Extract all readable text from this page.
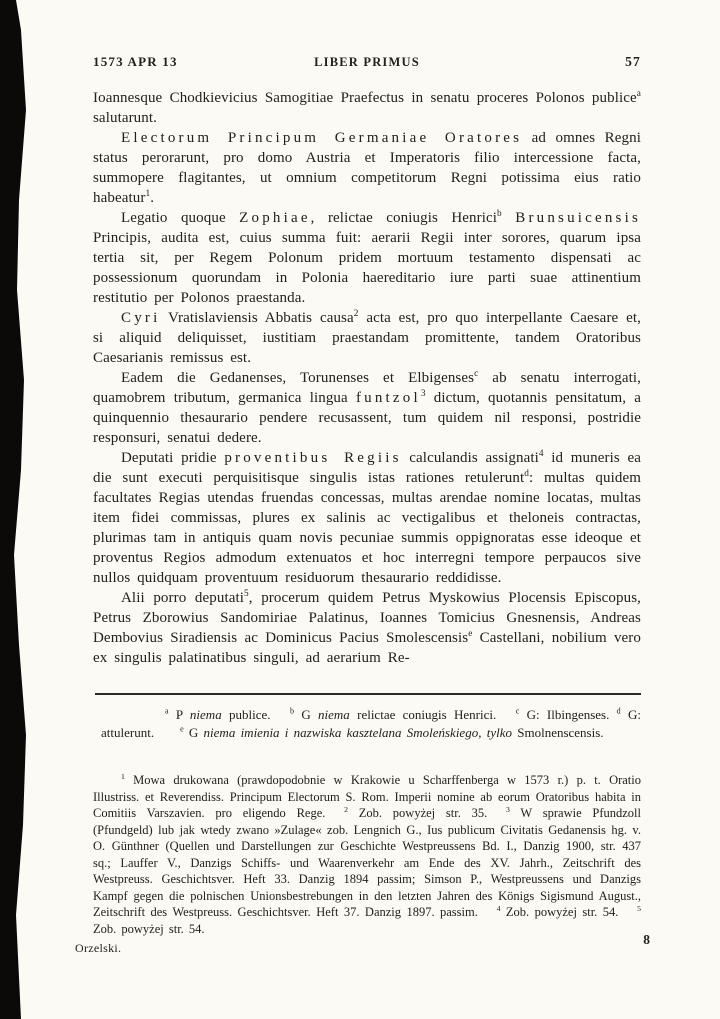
1573 APR 13	LIBER PRIMUS	57

Ioannesque Chodkievicius Samogitiae Praefectus in senatu proceres Polonos publice$^a$ salutarunt.

Electorum Principum Germaniae Oratores ad omnes Regni status perorarunt, pro domo Austria et Imperatoris filio intercessione facta, summopere flagitantes, ut omnium competitorum Regni potissima eius ratio habeatur$^1$.

Legatio quoque Zophiae, relictae coniugis Henrici$^b$ Brunsuicensis Principis, audita est, cuius summa fuit: aerarii Regii inter sorores, quarum ipsa tertia sit, per Regem Polonum pridem mortuum testamento dispensati ac possessionum quorundam in Polonia haereditario iure parti suae attinentium restitutio per Polonos praestanda.

Cyri Vratislaviensis Abbatis causa$^2$ acta est, pro quo interpellante Caesare et, si aliquid deliquisset, iustitiam praestandam promittente, tandem Oratoribus Caesarianis remissus est.

Eadem die Gedanenses, Torunenses et Elbigenses$^c$ ab senatu interrogati, quamobrem tributum, germanica lingua funtzol$^3$ dictum, quotannis pensitatum, a quinquennio thesaurario pendere recusassent, tum quidem nil responsi, postridie responsuri, senatui dedere.

Deputati pridie proventibus Regiis calculandis assignati$^4$ id muneris ea die sunt executi perquisitisque singulis istas rationes retulerunt$^d$: multas quidem facultates Regias utendas fruendas concessas, multas arendae nomine locatas, multas item fidei commissas, plures ex salinis ac vectigalibus et theloneis contractas, plurimas tam in antiquis quam novis pecuniae summis oppignoratas esse ideoque et proventus Regios admodum extenuatos et hoc interregni tempore perpaucos sive nullos quidquam proventuum residuorum thesaurario reddidisse.

Alii porro deputati$^5$, procerum quidem Petrus Myskowius Plocensis Episcopus, Petrus Zborowius Sandomiriae Palatinus, Ioannes Tomicius Gnesnensis, Andreas Dembovius Siradiensis ac Dominicus Pacius Smolescensis$^e$ Castellani, nobilium vero ex singulis palatinatibus singuli, ad aerarium Re-

$^a$ P niema publice.  $^b$ G niema relictae coniugis Henrici.  $^c$ G: Ilbingenses. $^d$ G: attulerunt.  $^e$ G niema imienia i nazwiska kasztelana Smoleńskiego, tylko Smolnenscensis.

$^1$ Mowa drukowana (prawdopodobnie w Krakowie u Scharffenberga w 1573 r.) p. t. Oratio Illustriss. et Reverendiss. Principum Electorum S. Rom. Imperii nomine ab eorum Oratoribus habita in Comitiis Varszavien. pro eligendo Rege.  $^2$ Zob. powyżej str. 35.  $^3$ W sprawie Pfundzoll (Pfundgeld) lub jak wtedy zwano »Zulage« zob. Lengnich G., Ius publicum Civitatis Gedanensis hg. v. O. Günthner (Quellen und Darstellungen zur Geschichte Westpreussens Bd. I., Danzig 1900, str. 437 sq.; Lauffer V., Danzigs Schiffs- und Waarenverkehr am Ende des XV. Jahrh., Zeitschrift des Westpreuss. Geschichtsver. Heft 33. Danzig 1894 passim; Simson P., Westpreussens und Danzigs Kampf gegen die polnischen Unionsbestrebungen in den letzten Jahren des Königs Sigismund August., Zeitschrift des Westpreuss. Geschichtsver. Heft 37. Danzig 1897. passim.  $^4$ Zob. powyżej str. 54.  $^5$ Zob. powyżej str. 54.

Orzelski.
8
